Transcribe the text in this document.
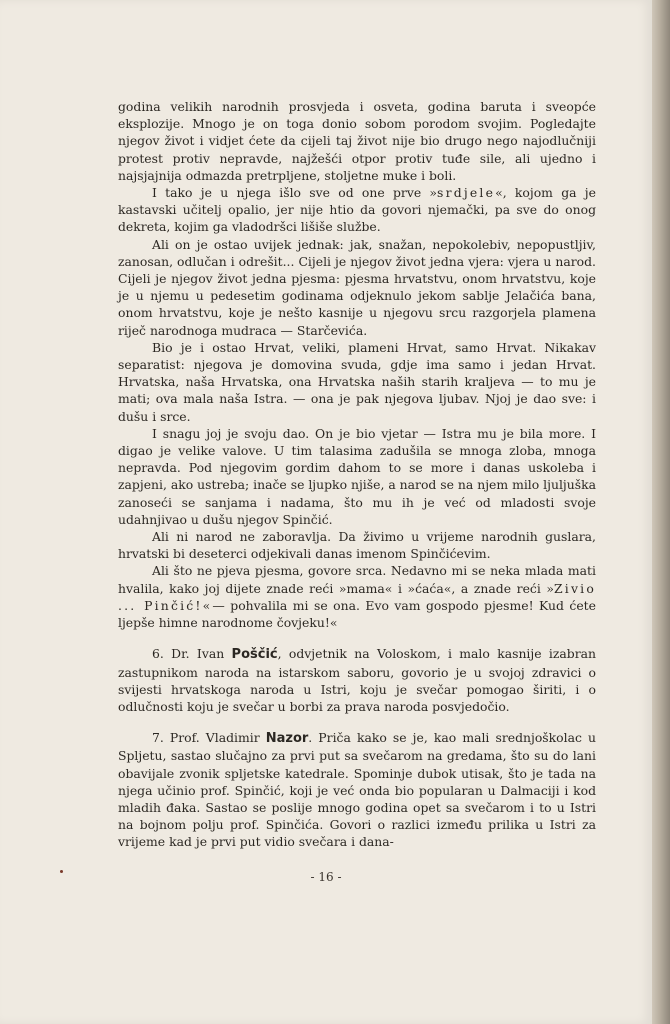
godina velikih narodnih prosvjeda i osveta, godina baruta i sveopće eksplozije. Mnogo je on toga donio sobom porodom svojim. Pogledajte njegov život i vidjet ćete da cijeli taj život nije bio drugo nego najodlučniji protest protiv nepravde, najžešći otpor protiv tuđe sile, ali ujedno i najsjajnija odmazda pretrpljene, stoljetne muke i boli.

I tako je u njega išlo sve od one prve »srdjele«, kojom ga je kastavski učitelj opalio, jer nije htio da govori njemački, pa sve do onog dekreta, kojim ga vladodršci lišiše službe.

Ali on je ostao uvijek jednak: jak, snažan, nepokolebiv, nepopustljiv, zanosan, odlučan i odrešit... Cijeli je njegov život jedna vjera: vjera u narod. Cijeli je njegov život jedna pjesma: pjesma hrvatstvu, onom hrvatstvu, koje je u njemu u pedesetim godinama odjeknulo jekom sablje Jelačića bana, onom hrvatstvu, koje je nešto kasnije u njegovu srcu razgorjela plamena riječ narodnoga mudraca — Starčevića.

Bio je i ostao Hrvat, veliki, plameni Hrvat, samo Hrvat. Nikakav separatist: njegova je domovina svuda, gdje ima samo i jedan Hrvat. Hrvatska, naša Hrvatska, ona Hrvatska naših starih kraljeva — to mu je mati; ova mala naša Istra. — ona je pak njegova ljubav. Njoj je dao sve: i dušu i srce.

I snagu joj je svoju dao. On je bio vjetar — Istra mu je bila more. I digao je velike valove. U tim talasima zadušila se mnoga zloba, mnoga nepravda. Pod njegovim gordim dahom to se more i danas uskoleba i zapjeni, ako ustreba; inače se ljupko njiše, a narod se na njem milo ljuljuška zanoseći se sanjama i nadama, što mu ih je već od mladosti svoje udahnjivao u dušu njegov Spinčić.

Ali ni narod ne zaboravlja. Da živimo u vrijeme narodnih guslara, hrvatski bi deseterci odjekivali danas imenom Spinčićevim.

Ali što ne pjeva pjesma, govore srca. Nedavno mi se neka mlada mati hvalila, kako joj dijete znade reći »mama« i »ćaća«, a znade reći »Zivio ... Pinčić!«— pohvalila mi se ona. Evo vam gospodo pjesme! Kud ćete ljepše himne narodnome čovjeku!«

6. Dr. Ivan Poščić, odvjetnik na Voloskom, i malo kasnije izabran zastupnikom naroda na istarskom saboru, govorio je u svojoj zdravici o svijesti hrvatskoga naroda u Istri, koju je svečar pomogao širiti, i o odlučnosti koju je svečar u borbi za prava naroda posvjedočio.

7. Prof. Vladimir Nazor. Priča kako se je, kao mali srednjoškolac u Spljetu, sastao slučajno za prvi put sa svečarom na gredama, što su do lani obavijale zvonik spljetske katedrale. Spominje dubok utisak, što je tada na njega učinio prof. Spinčić, koji je već onda bio popularan u Dalmaciji i kod mladih đaka. Sastao se poslije mnogo godina opet sa svečarom i to u Istri na bojnom polju prof. Spinčića. Govori o razlici između prilika u Istri za vrijeme kad je prvi put vidio svečara i dana-

- 16 -
